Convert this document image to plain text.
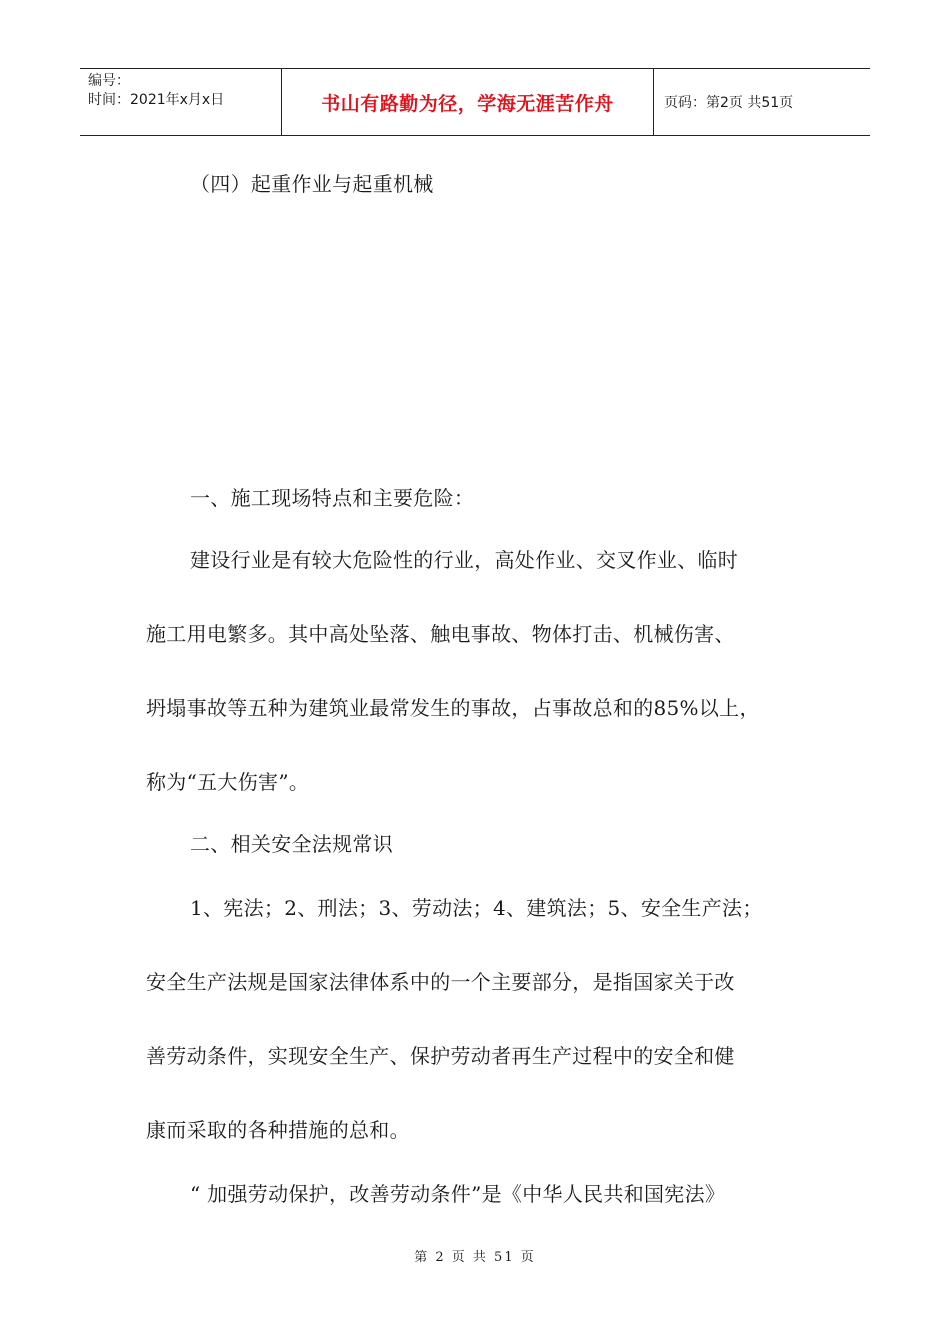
编号：
时间：2021年x月x日	书山有路勤为径，学海无涯苦作舟	页码：第2页 共51页
（四）起重作业与起重机械
一、施工现场特点和主要危险：
建设行业是有较大危险性的行业，高处作业、交叉作业、临时
施工用电繁多。其中高处坠落、触电事故、物体打击、机械伤害、
坍塌事故等五种为建筑业最常发生的事故，占事故总和的85%以上，
称为“五大伤害”。
二、相关安全法规常识
1、宪法；2、刑法；3、劳动法；4、建筑法；5、安全生产法；
安全生产法规是国家法律体系中的一个主要部分，是指国家关于改
善劳动条件，实现安全生产、保护劳动者再生产过程中的安全和健
康而采取的各种措施的总和。
“ 加强劳动保护，改善劳动条件”是《中华人民共和国宪法》
第 2 页 共 51 页
